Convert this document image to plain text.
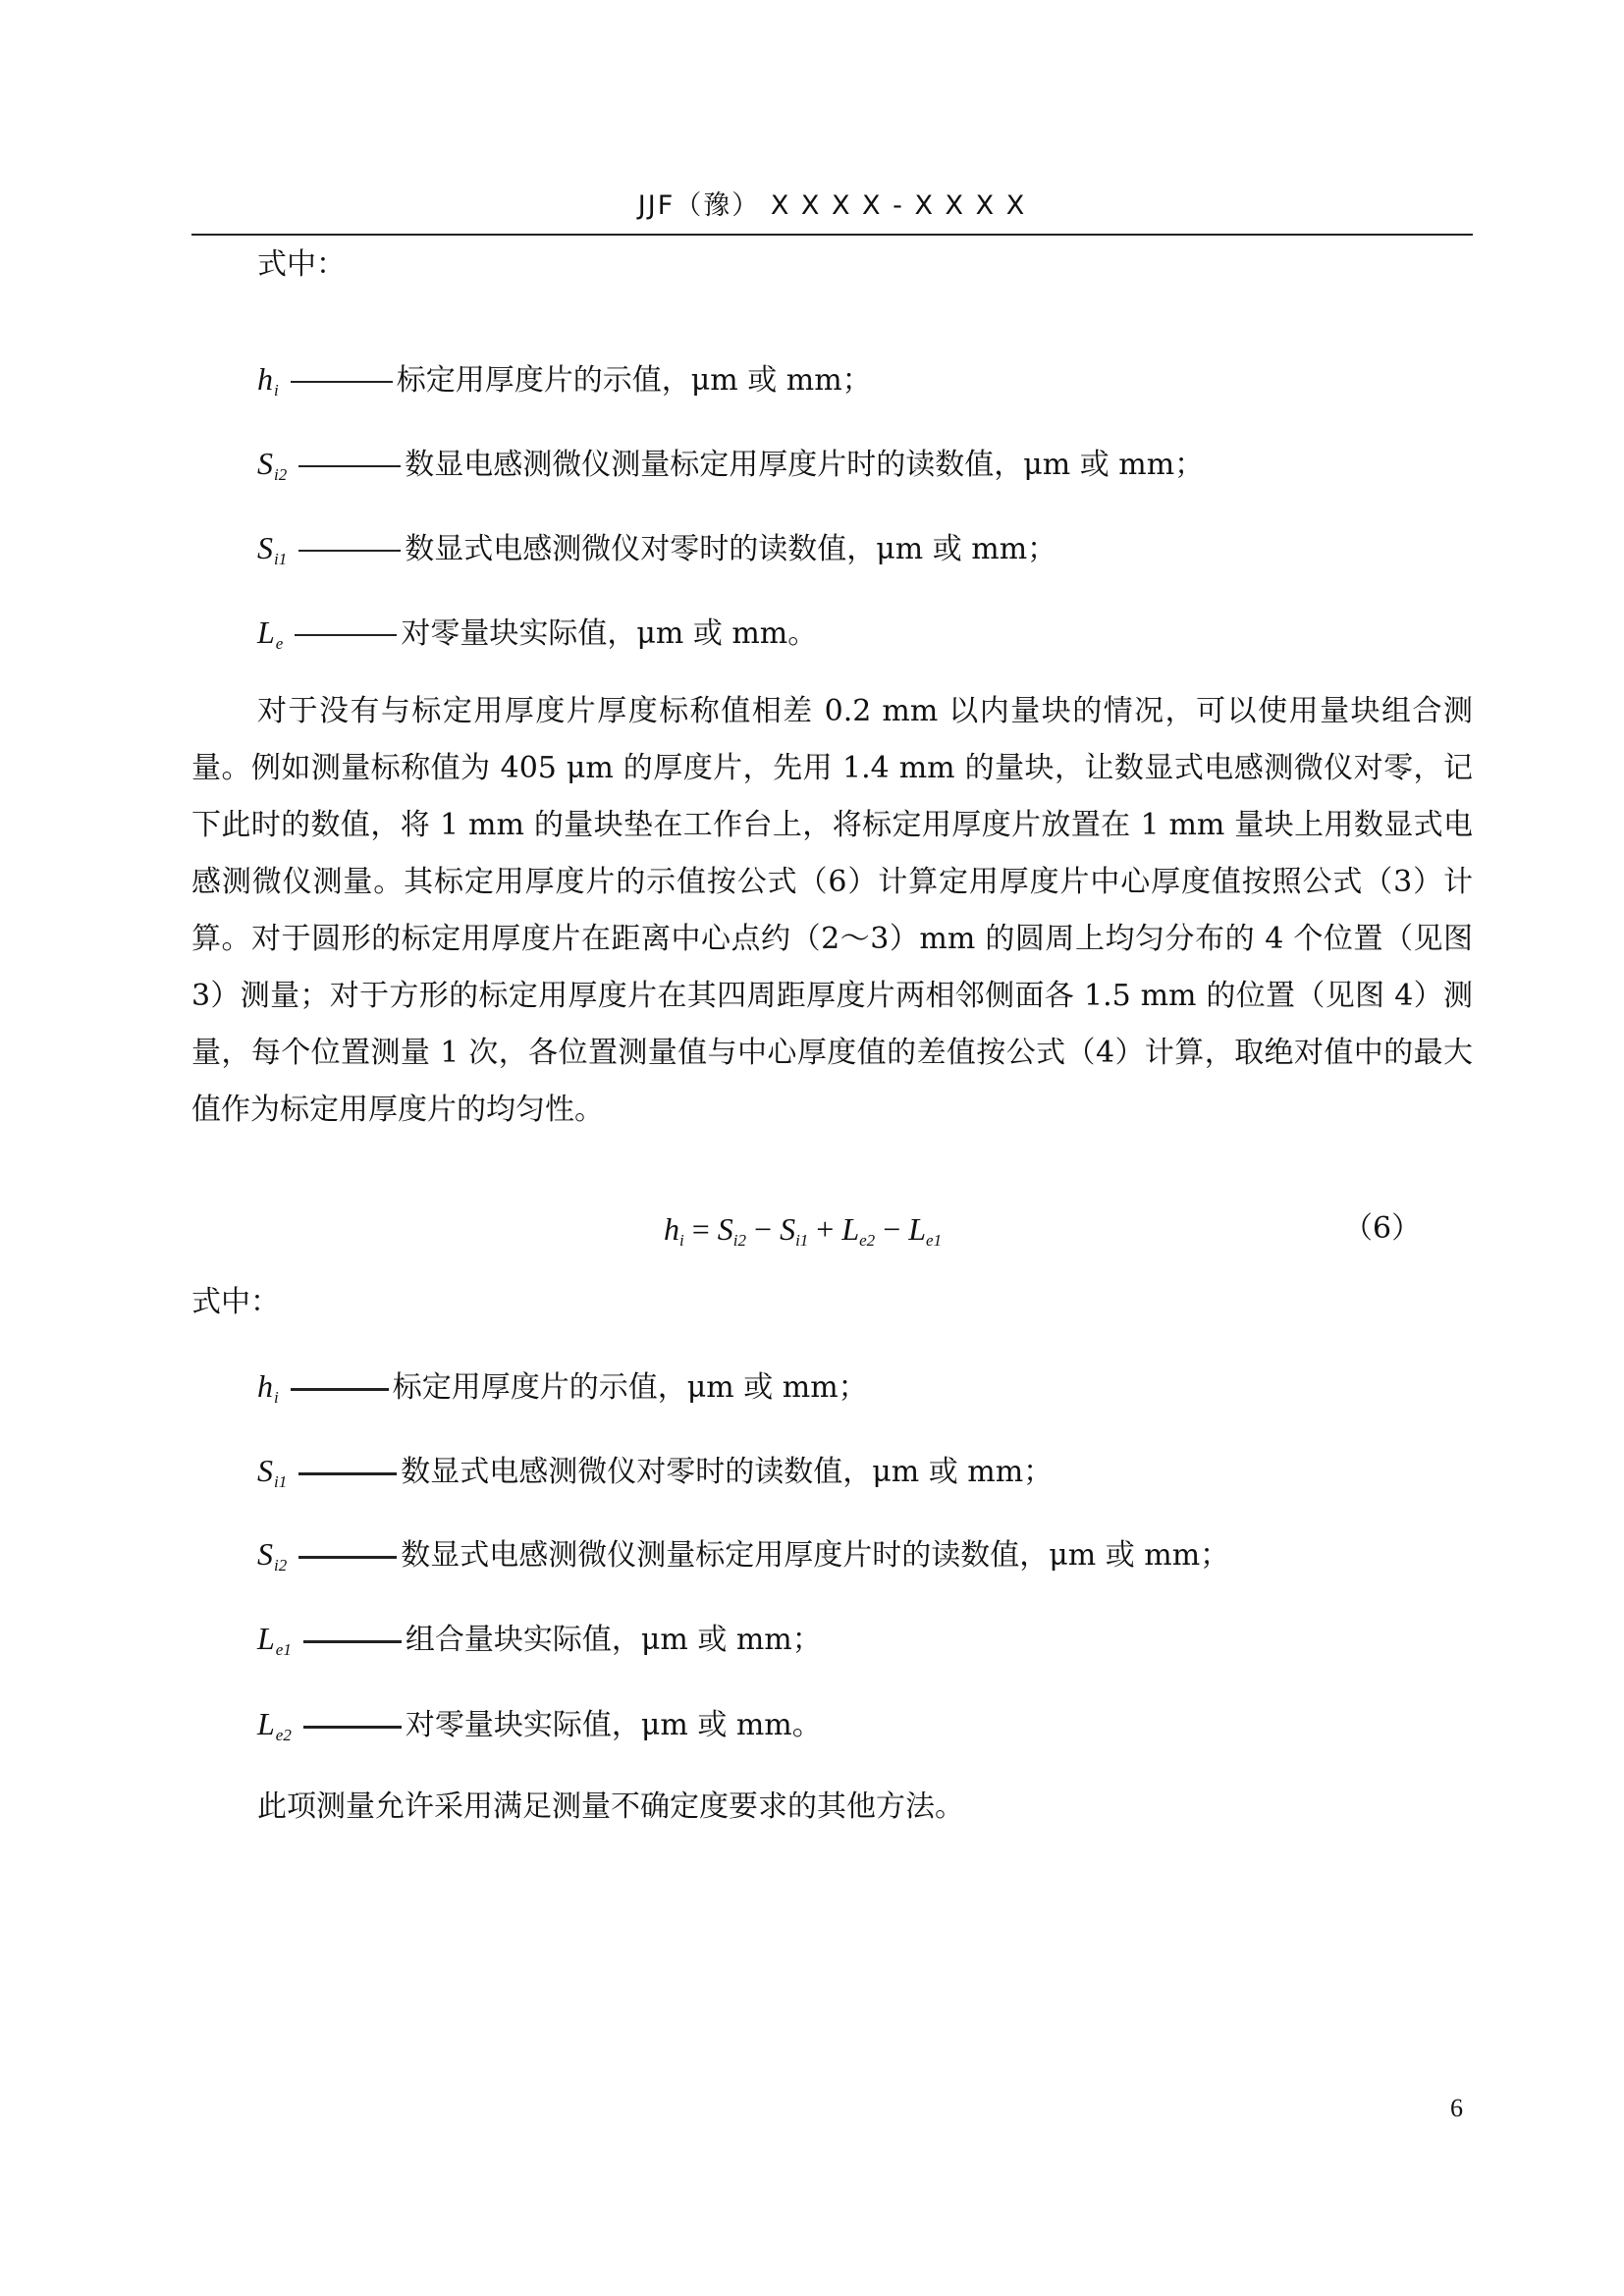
JJF（豫） X X X X - X X X X
式中：
$h_i$	标定用厚度片的示值，μm 或 mm；
$S_{i2}$	数显电感测微仪测量标定用厚度片时的读数值，μm 或 mm；
$S_{i1}$	数显式电感测微仪对零时的读数值，μm 或 mm；
$L_e$	对零量块实际值，μm 或 mm。
对于没有与标定用厚度片厚度标称值相差 0.2 mm 以内量块的情况，可以使用量块组合测量。例如测量标称值为 405 μm 的厚度片，先用 1.4 mm 的量块，让数显式电感测微仪对零，记下此时的数值，将 1 mm 的量块垫在工作台上，将标定用厚度片放置在 1 mm 量块上用数显式电感测微仪测量。其标定用厚度片的示值按公式（6）计算定用厚度片中心厚度值按照公式（3）计算。对于圆形的标定用厚度片在距离中心点约（2～3）mm 的圆周上均匀分布的 4 个位置（见图 3）测量；对于方形的标定用厚度片在其四周距厚度片两相邻侧面各 1.5 mm 的位置（见图 4）测量，每个位置测量 1 次，各位置测量值与中心厚度值的差值按公式（4）计算，取绝对值中的最大值作为标定用厚度片的均匀性。
$h_i = S_{i2} - S_{i1} + L_{e2} - L_{e1}$	（6）
式中：
$h_i$	标定用厚度片的示值，μm 或 mm；
$S_{i1}$	数显式电感测微仪对零时的读数值，μm 或 mm；
$S_{i2}$	数显式电感测微仪测量标定用厚度片时的读数值，μm 或 mm；
$L_{e1}$	组合量块实际值，μm 或 mm；
$L_{e2}$	对零量块实际值，μm 或 mm。
此项测量允许采用满足测量不确定度要求的其他方法。
6
